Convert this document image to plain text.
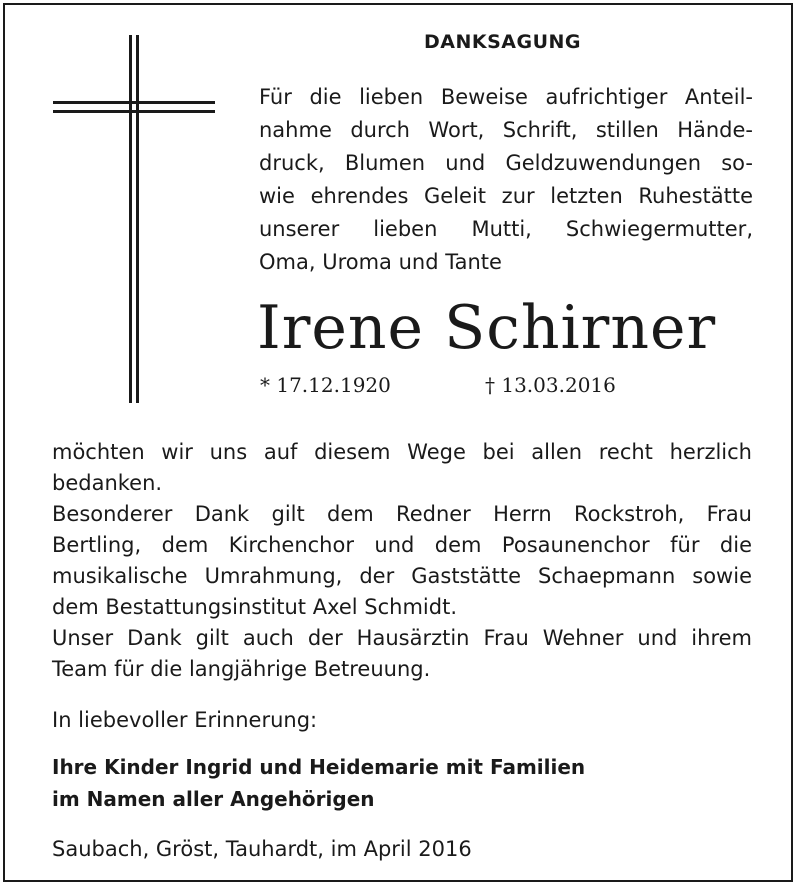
DANKSAGUNG
Für die lieben Beweise aufrichtiger Anteil-
nahme durch Wort, Schrift, stillen Hände-
druck, Blumen und Geldzuwendungen so-
wie ehrendes Geleit zur letzten Ruhestätte
unserer lieben Mutti, Schwiegermutter,
Oma, Uroma und Tante
Irene Schirner
* 17.12.1920	† 13.03.2016
möchten wir uns auf diesem Wege bei allen recht herzlich
bedanken.
Besonderer Dank gilt dem Redner Herrn Rockstroh, Frau
Bertling, dem Kirchenchor und dem Posaunenchor für die
musikalische Umrahmung, der Gaststätte Schaepmann sowie
dem Bestattungsinstitut Axel Schmidt.
Unser Dank gilt auch der Hausärztin Frau Wehner und ihrem
Team für die langjährige Betreuung.
In liebevoller Erinnerung:
Ihre Kinder Ingrid und Heidemarie mit Familien
im Namen aller Angehörigen
Saubach, Gröst, Tauhardt, im April 2016
